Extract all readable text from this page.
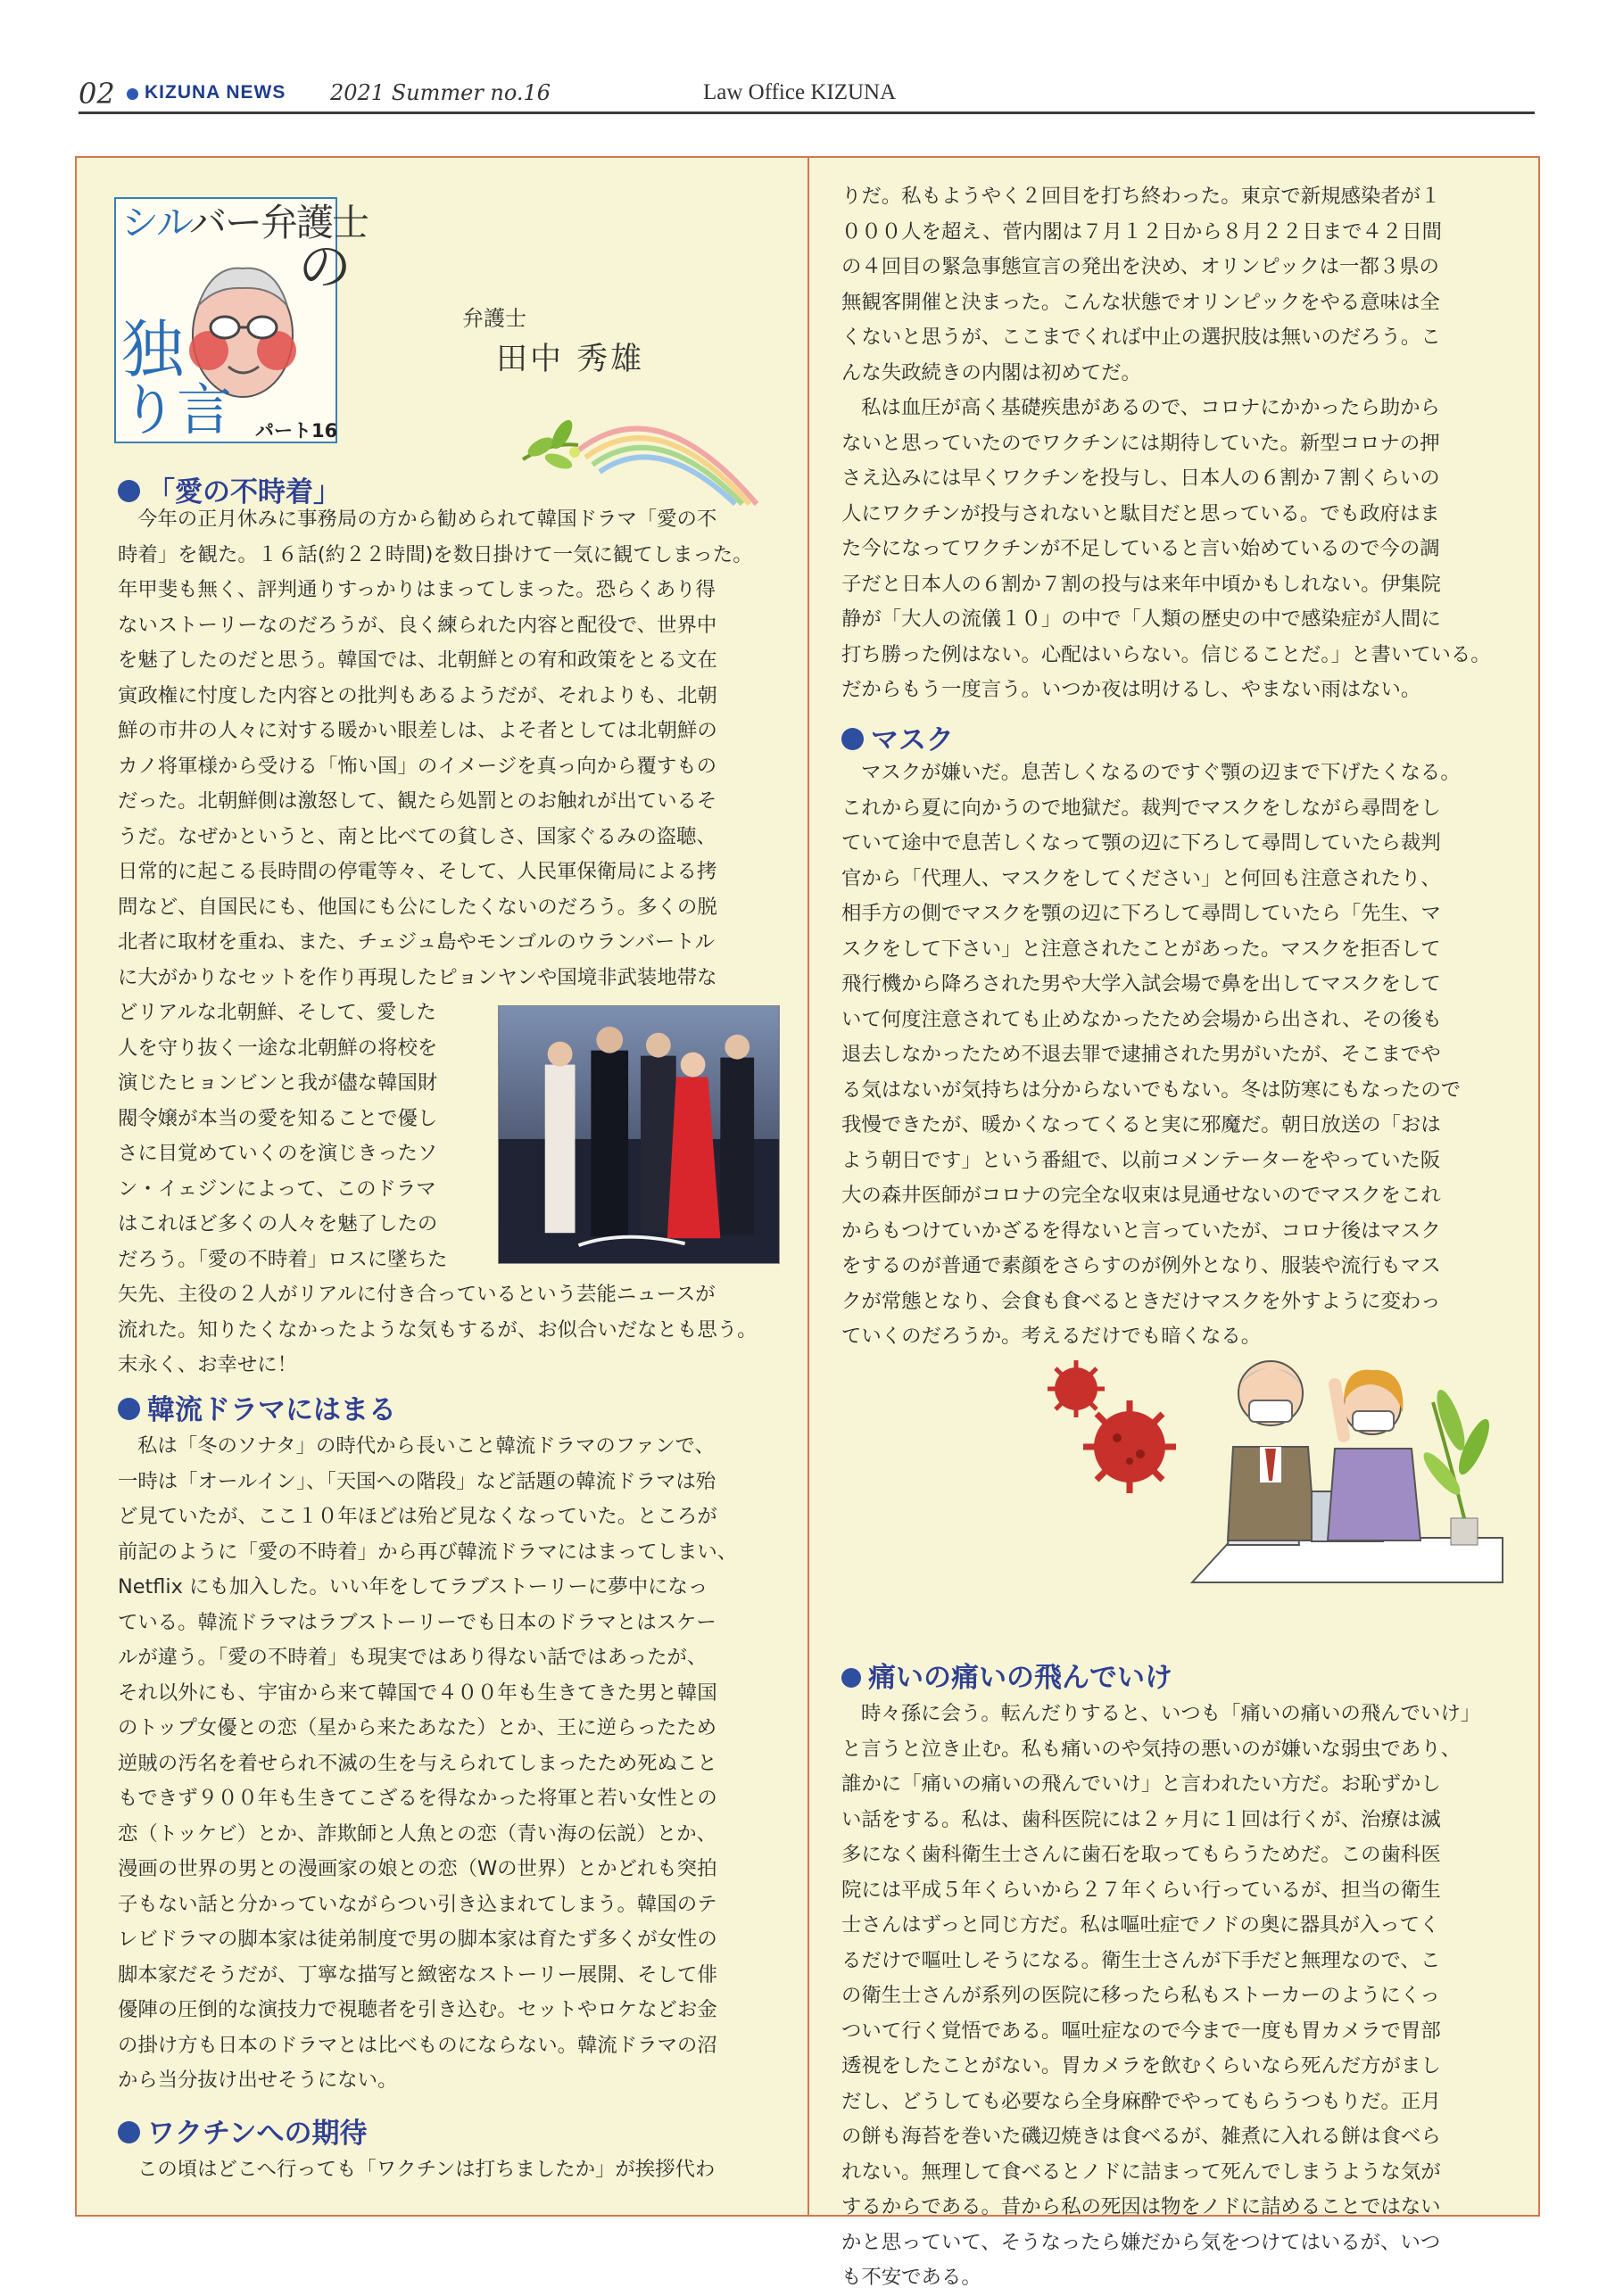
02 KIZUNA NEWS 2021 Summer no.16	Law Office KIZUNA
シルバー弁護士
の
独
り言 パート16
弁護士
田中 秀雄
「愛の不時着」

今年の正月休みに事務局の方から勧められて韓国ドラマ「愛の不

時着」を観た。１６話(約２２時間)を数日掛けて一気に観てしまった。

年甲斐も無く、評判通りすっかりはまってしまった。恐らくあり得

ないストーリーなのだろうが、良く練られた内容と配役で、世界中

を魅了したのだと思う。韓国では、北朝鮮との宥和政策をとる文在

寅政権に忖度した内容との批判もあるようだが、それよりも、北朝

鮮の市井の人々に対する暖かい眼差しは、よそ者としては北朝鮮の

カノ将軍様から受ける「怖い国」のイメージを真っ向から覆すもの

だった。北朝鮮側は激怒して、観たら処罰とのお触れが出ているそ

うだ。なぜかというと、南と比べての貧しさ、国家ぐるみの盗聴、

日常的に起こる長時間の停電等々、そして、人民軍保衛局による拷

問など、自国民にも、他国にも公にしたくないのだろう。多くの脱

北者に取材を重ね、また、チェジュ島やモンゴルのウランバートル

に大がかりなセットを作り再現したピョンヤンや国境非武装地帯な

どリアルな北朝鮮、そして、愛した

人を守り抜く一途な北朝鮮の将校を

演じたヒョンビンと我が儘な韓国財

閥令嬢が本当の愛を知ることで優し

さに目覚めていくのを演じきったソ

ン・イェジンによって、このドラマ

はこれほど多くの人々を魅了したの

だろう。「愛の不時着」ロスに墜ちた

矢先、主役の２人がリアルに付き合っているという芸能ニュースが

流れた。知りたくなかったような気もするが、お似合いだなとも思う。

末永く、お幸せに！

韓流ドラマにはまる

私は「冬のソナタ」の時代から長いこと韓流ドラマのファンで、

一時は「オールイン」、「天国への階段」など話題の韓流ドラマは殆

ど見ていたが、ここ１０年ほどは殆ど見なくなっていた。ところが

前記のように「愛の不時着」から再び韓流ドラマにはまってしまい、

Netflix にも加入した。いい年をしてラブストーリーに夢中になっ

ている。韓流ドラマはラブストーリーでも日本のドラマとはスケー

ルが違う。「愛の不時着」も現実ではあり得ない話ではあったが、

それ以外にも、宇宙から来て韓国で４００年も生きてきた男と韓国

のトップ女優との恋（星から来たあなた）とか、王に逆らったため

逆賊の汚名を着せられ不滅の生を与えられてしまったため死ぬこと

もできず９００年も生きてこざるを得なかった将軍と若い女性との

恋（トッケビ）とか、詐欺師と人魚との恋（青い海の伝説）とか、

漫画の世界の男との漫画家の娘との恋（Wの世界）とかどれも突拍

子もない話と分かっていながらつい引き込まれてしまう。韓国のテ

レビドラマの脚本家は徒弟制度で男の脚本家は育たず多くが女性の

脚本家だそうだが、丁寧な描写と緻密なストーリー展開、そして俳

優陣の圧倒的な演技力で視聴者を引き込む。セットやロケなどお金

の掛け方も日本のドラマとは比べものにならない。韓流ドラマの沼

から当分抜け出せそうにない。

ワクチンへの期待

この頃はどこへ行っても「ワクチンは打ちましたか」が挨拶代わ

りだ。私もようやく２回目を打ち終わった。東京で新規感染者が１

０００人を超え、菅内閣は７月１２日から８月２２日まで４２日間

の４回目の緊急事態宣言の発出を決め、オリンピックは一都３県の

無観客開催と決まった。こんな状態でオリンピックをやる意味は全

くないと思うが、ここまでくれば中止の選択肢は無いのだろう。こ

んな失政続きの内閣は初めてだ。

私は血圧が高く基礎疾患があるので、コロナにかかったら助から

ないと思っていたのでワクチンには期待していた。新型コロナの押

さえ込みには早くワクチンを投与し、日本人の６割か７割くらいの

人にワクチンが投与されないと駄目だと思っている。でも政府はま

た今になってワクチンが不足していると言い始めているので今の調

子だと日本人の６割か７割の投与は来年中頃かもしれない。伊集院

静が「大人の流儀１０」の中で「人類の歴史の中で感染症が人間に

打ち勝った例はない。心配はいらない。信じることだ。」と書いている。

だからもう一度言う。いつか夜は明けるし、やまない雨はない。

マスク

マスクが嫌いだ。息苦しくなるのですぐ顎の辺まで下げたくなる。

これから夏に向かうので地獄だ。裁判でマスクをしながら尋問をし

ていて途中で息苦しくなって顎の辺に下ろして尋問していたら裁判

官から「代理人、マスクをしてください」と何回も注意されたり、

相手方の側でマスクを顎の辺に下ろして尋問していたら「先生、マ

スクをして下さい」と注意されたことがあった。マスクを拒否して

飛行機から降ろされた男や大学入試会場で鼻を出してマスクをして

いて何度注意されても止めなかったため会場から出され、その後も

退去しなかったため不退去罪で逮捕された男がいたが、そこまでや

る気はないが気持ちは分からないでもない。冬は防寒にもなったので

我慢できたが、暖かくなってくると実に邪魔だ。朝日放送の「おは

よう朝日です」という番組で、以前コメンテーターをやっていた阪

大の森井医師がコロナの完全な収束は見通せないのでマスクをこれ

からもつけていかざるを得ないと言っていたが、コロナ後はマスク

をするのが普通で素顔をさらすのが例外となり、服装や流行もマス

クが常態となり、会食も食べるときだけマスクを外すように変わっ

ていくのだろうか。考えるだけでも暗くなる。

痛いの痛いの飛んでいけ

時々孫に会う。転んだりすると、いつも「痛いの痛いの飛んでいけ」

と言うと泣き止む。私も痛いのや気持の悪いのが嫌いな弱虫であり、

誰かに「痛いの痛いの飛んでいけ」と言われたい方だ。お恥ずかし

い話をする。私は、歯科医院には２ヶ月に１回は行くが、治療は滅

多になく歯科衛生士さんに歯石を取ってもらうためだ。この歯科医

院には平成５年くらいから２７年くらい行っているが、担当の衛生

士さんはずっと同じ方だ。私は嘔吐症でノドの奥に器具が入ってく

るだけで嘔吐しそうになる。衛生士さんが下手だと無理なので、こ

の衛生士さんが系列の医院に移ったら私もストーカーのようにくっ

ついて行く覚悟である。嘔吐症なので今まで一度も胃カメラで胃部

透視をしたことがない。胃カメラを飲むくらいなら死んだ方がまし

だし、どうしても必要なら全身麻酔でやってもらうつもりだ。正月

の餅も海苔を巻いた磯辺焼きは食べるが、雑煮に入れる餅は食べら

れない。無理して食べるとノドに詰まって死んでしまうような気が

するからである。昔から私の死因は物をノドに詰めることではない

かと思っていて、そうなったら嫌だから気をつけてはいるが、いつ

も不安である。
